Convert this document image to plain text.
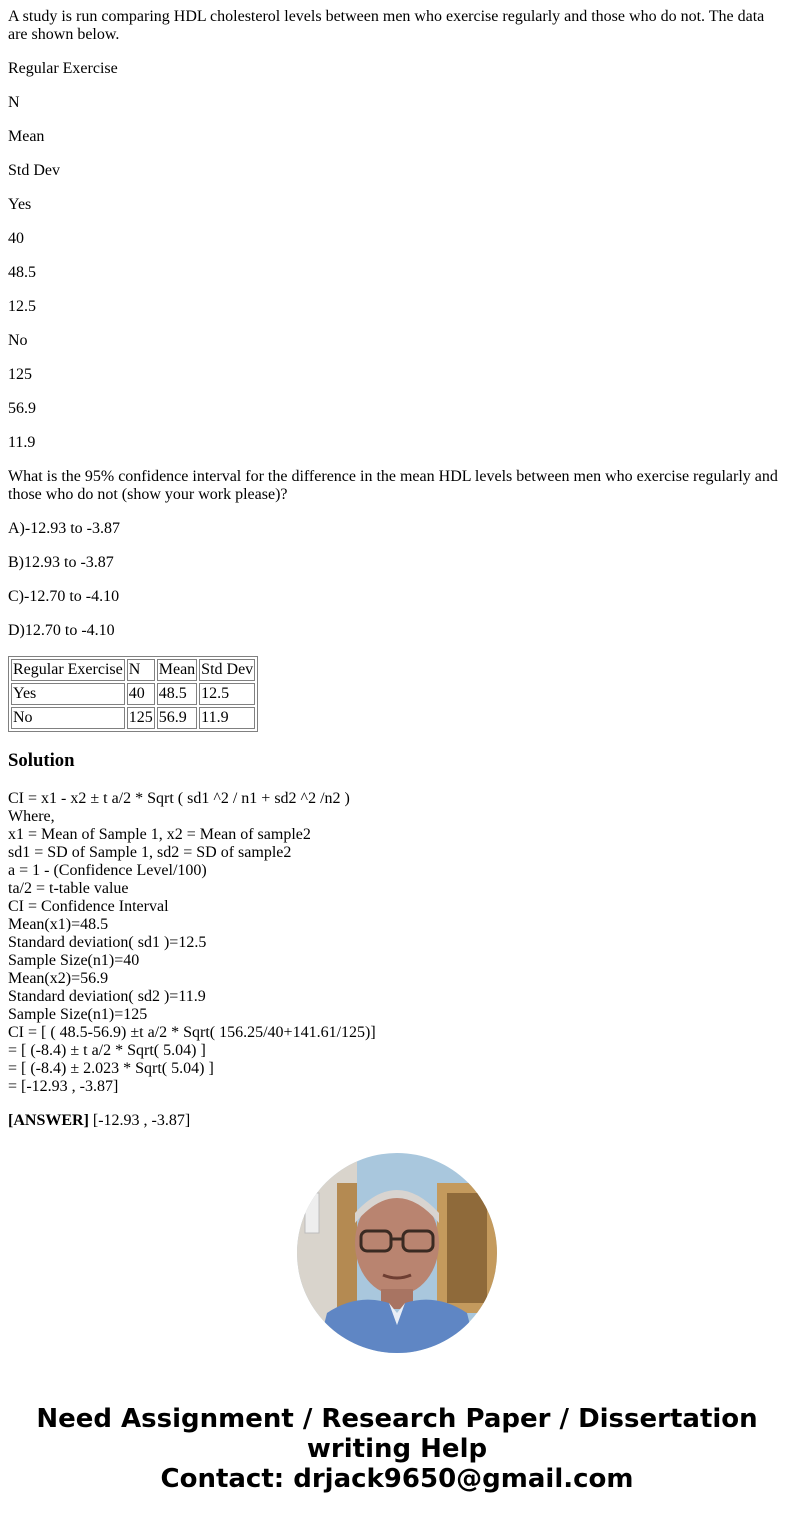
A study is run comparing HDL cholesterol levels between men who exercise regularly and those who do not. The data are shown below.

Regular Exercise

N

Mean

Std Dev

Yes

40

48.5

12.5

No

125

56.9

11.9

What is the 95% confidence interval for the difference in the mean HDL levels between men who exercise regularly and those who do not (show your work please)?

A)-12.93 to -3.87

B)12.93 to -3.87

C)-12.70 to -4.10

D)12.70 to -4.10

Regular Exercise	N	Mean	Std Dev
Yes	40	48.5	12.5
No	125	56.9	11.9
Solution
CI = x1 - x2 ± t a/2 * Sqrt ( sd1 ^2 / n1 + sd2 ^2 /n2 )
Where,
x1 = Mean of Sample 1, x2 = Mean of sample2
sd1 = SD of Sample 1, sd2 = SD of sample2
a = 1 - (Confidence Level/100)
ta/2 = t-table value
CI = Confidence Interval
Mean(x1)=48.5
Standard deviation( sd1 )=12.5
Sample Size(n1)=40
Mean(x2)=56.9
Standard deviation( sd2 )=11.9
Sample Size(n1)=125
CI = [ ( 48.5-56.9) ±t a/2 * Sqrt( 156.25/40+141.61/125)]
= [ (-8.4) ± t a/2 * Sqrt( 5.04) ]
= [ (-8.4) ± 2.023 * Sqrt( 5.04) ]
= [-12.93 , -3.87]

[ANSWER] [-12.93 , -3.87]

Need Assignment / Research Paper / Dissertation
writing Help
Contact: drjack9650@gmail.com
